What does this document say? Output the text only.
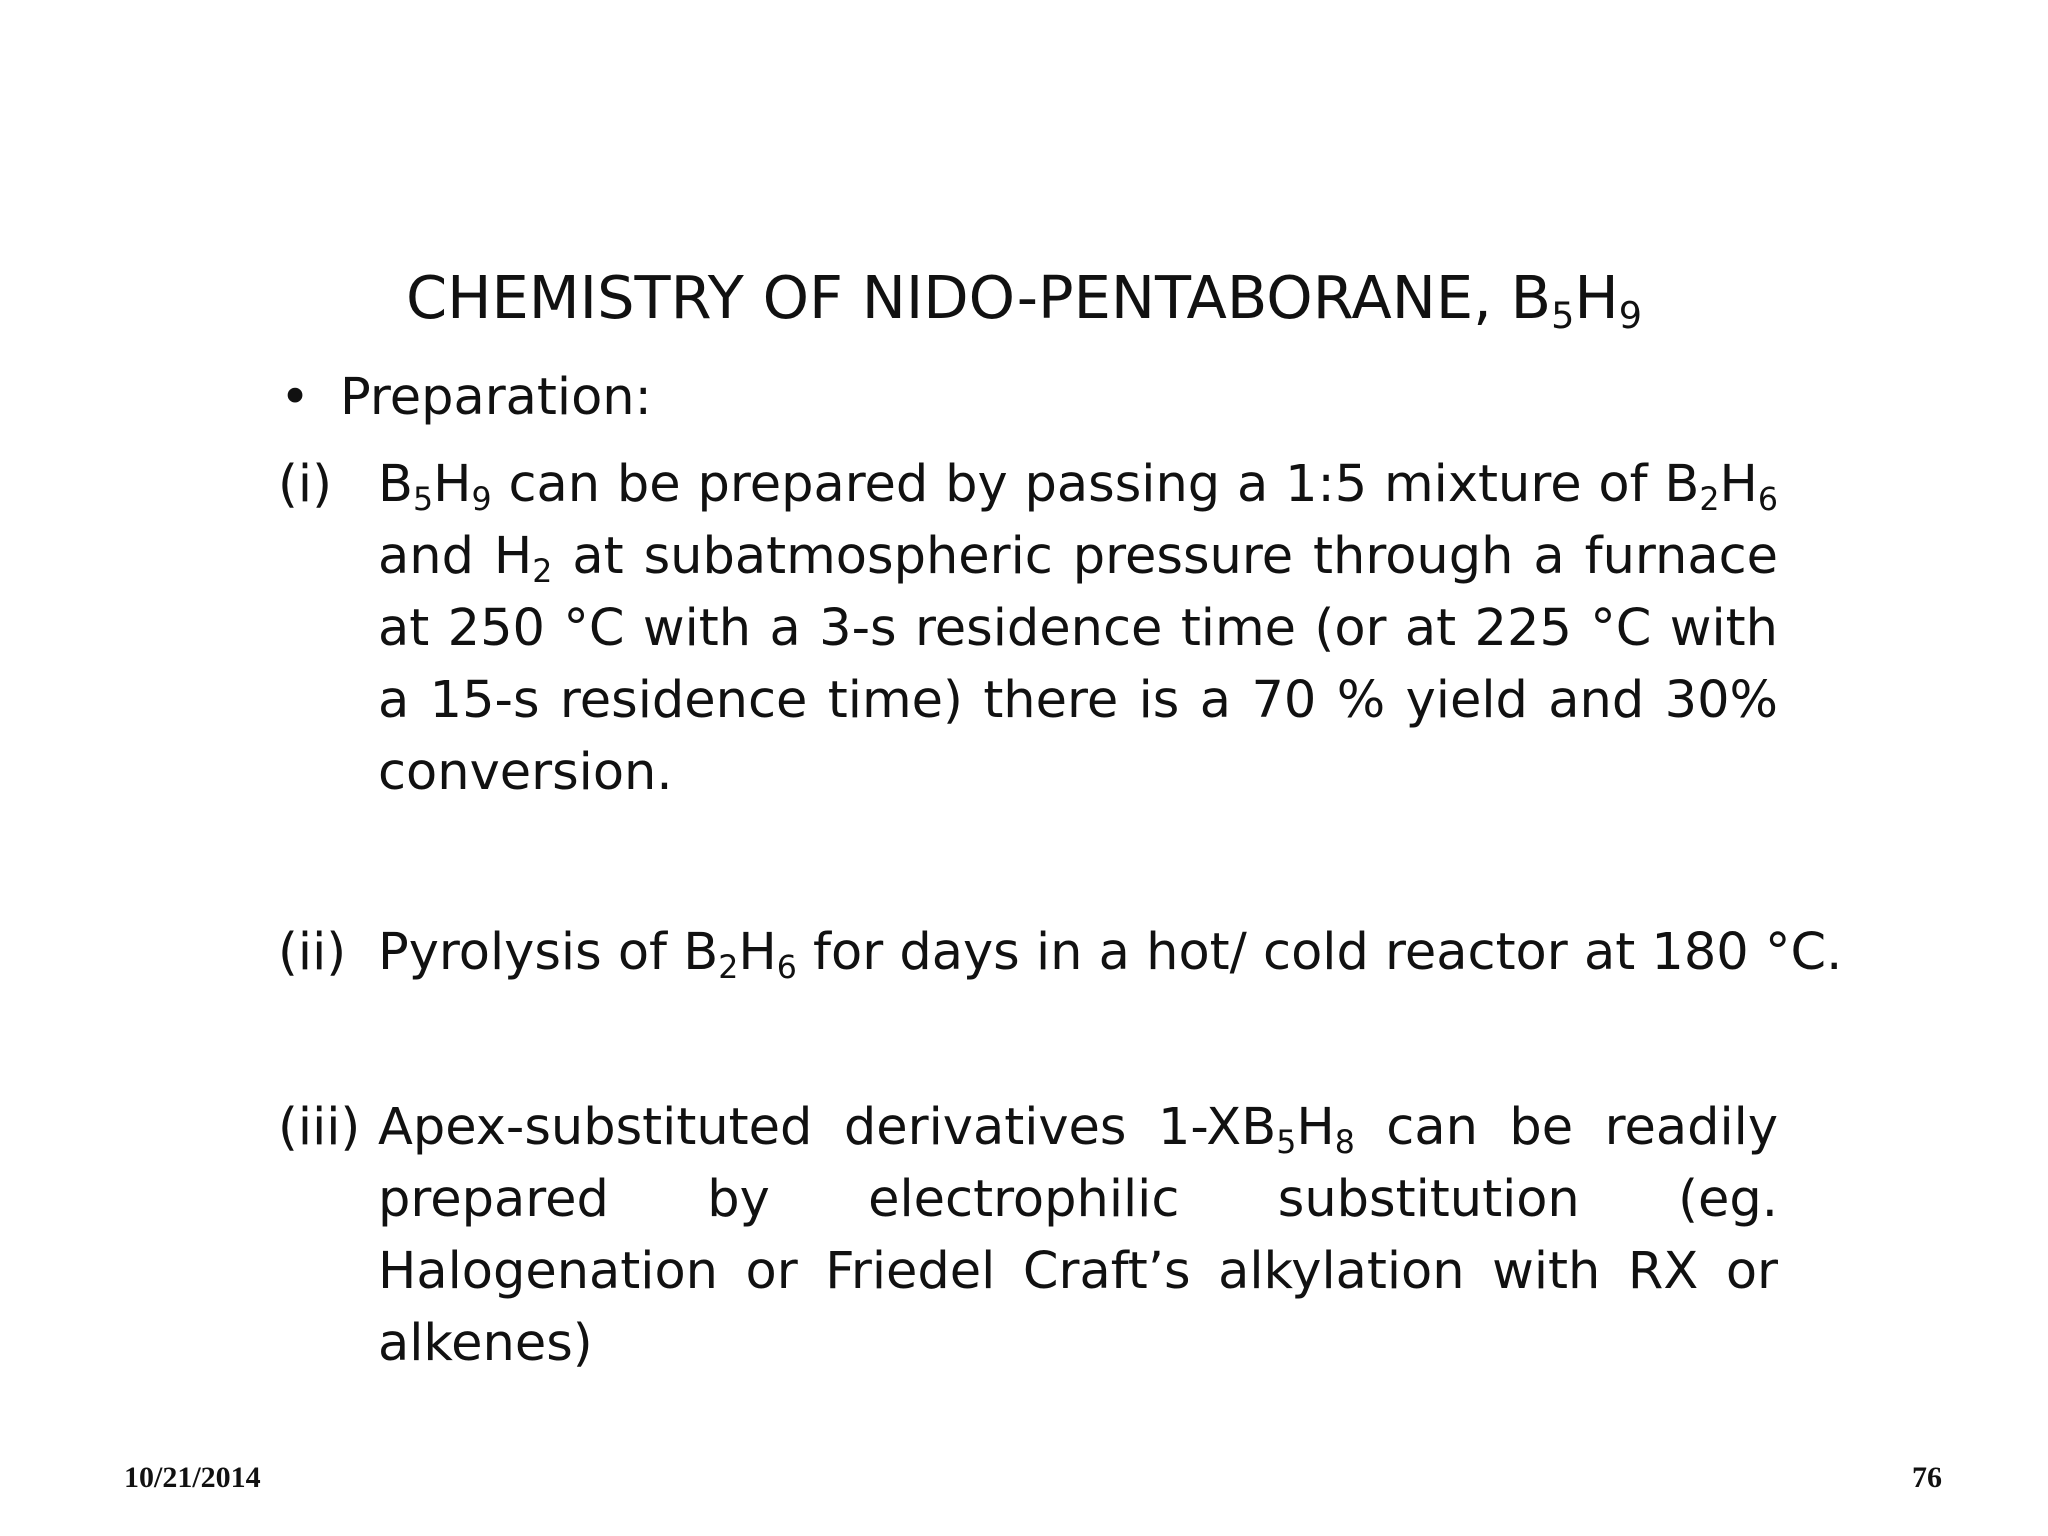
CHEMISTRY OF NIDO-PENTABORANE, $B_5H_9$
• Preparation:
(i) $B_5H_9$ can be prepared by passing a 1:5 mixture of $B_2H_6$ and $H_2$ at subatmospheric pressure through a furnace at 250 °C with a 3-s residence time (or at 225 °C with a 15-s residence time) there is a 70 % yield and 30% conversion.
(ii) Pyrolysis of $B_2H_6$ for days in a hot/ cold reactor at 180 °C.
(iii) Apex-substituted derivatives $1-XB_5H_8$ can be readily prepared by electrophilic substitution (eg. Halogenation or Friedel Craft’s alkylation with RX or alkenes)
10/21/2014	76
